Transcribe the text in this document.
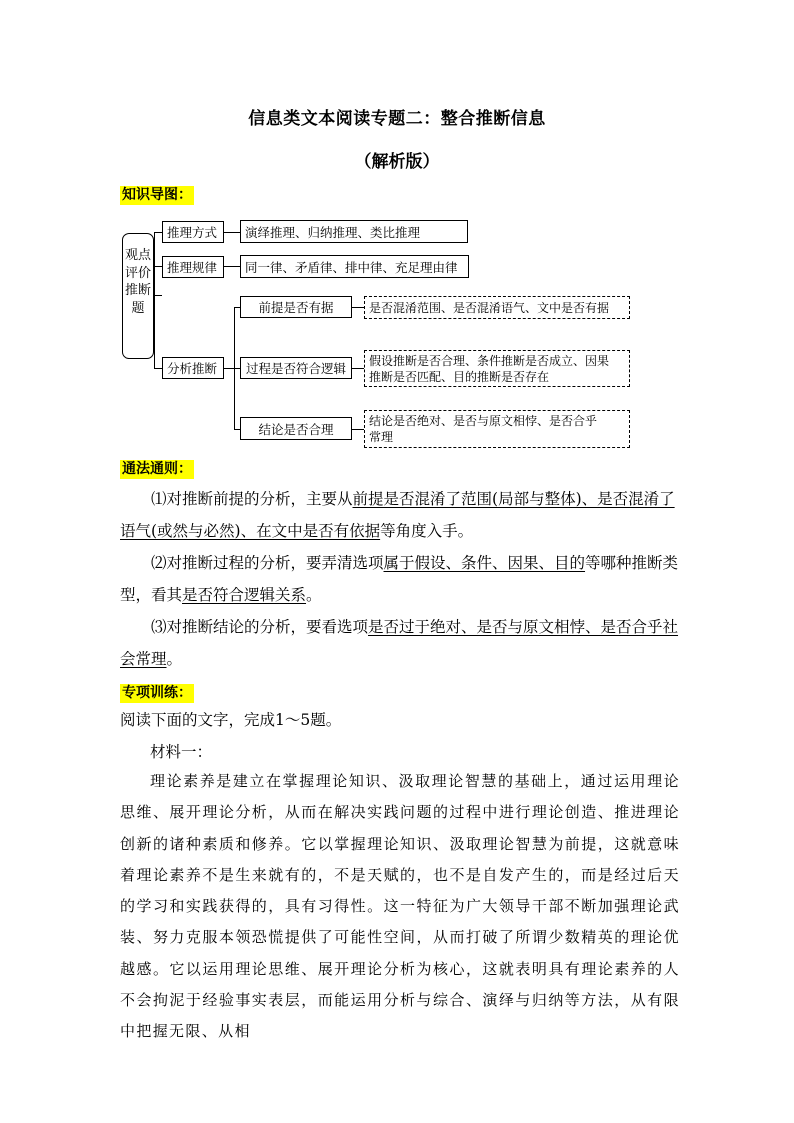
信息类文本阅读专题二：整合推断信息
（解析版）
知识导图：
观点评价推断题
推理方式	演绎推理、归纳推理、类比推理
推理规律	同一律、矛盾律、排中律、充足理由律
分析推断
前提是否有据	是否混淆范围、是否混淆语气、文中是否有据
过程是否符合逻辑
假设推断是否合理、条件推断是否成立、因果
推断是否匹配、目的推断是否存在
结论是否合理
结论是否绝对、是否与原文相悖、是否合乎
常理
通法通则：
⑴对推断前提的分析，主要从前提是否混淆了范围(局部与整体)、是否混淆了语气(或然与必然)、在文中是否有依据等角度入手。
⑵对推断过程的分析，要弄清选项属于假设、条件、因果、目的等哪种推断类型，看其是否符合逻辑关系。
⑶对推断结论的分析，要看选项是否过于绝对、是否与原文相悖、是否合乎社会常理。
专项训练：
阅读下面的文字，完成1～5题。
材料一：
理论素养是建立在掌握理论知识、汲取理论智慧的基础上，通过运用理论思维、展开理论分析，从而在解决实践问题的过程中进行理论创造、推进理论创新的诸种素质和修养。它以掌握理论知识、汲取理论智慧为前提，这就意味着理论素养不是生来就有的，不是天赋的，也不是自发产生的，而是经过后天的学习和实践获得的，具有习得性。这一特征为广大领导干部不断加强理论武装、努力克服本领恐慌提供了可能性空间，从而打破了所谓少数精英的理论优越感。它以运用理论思维、展开理论分析为核心，这就表明具有理论素养的人不会拘泥于经验事实表层，而能运用分析与综合、演绎与归纳等方法，从有限中把握无限、从相
